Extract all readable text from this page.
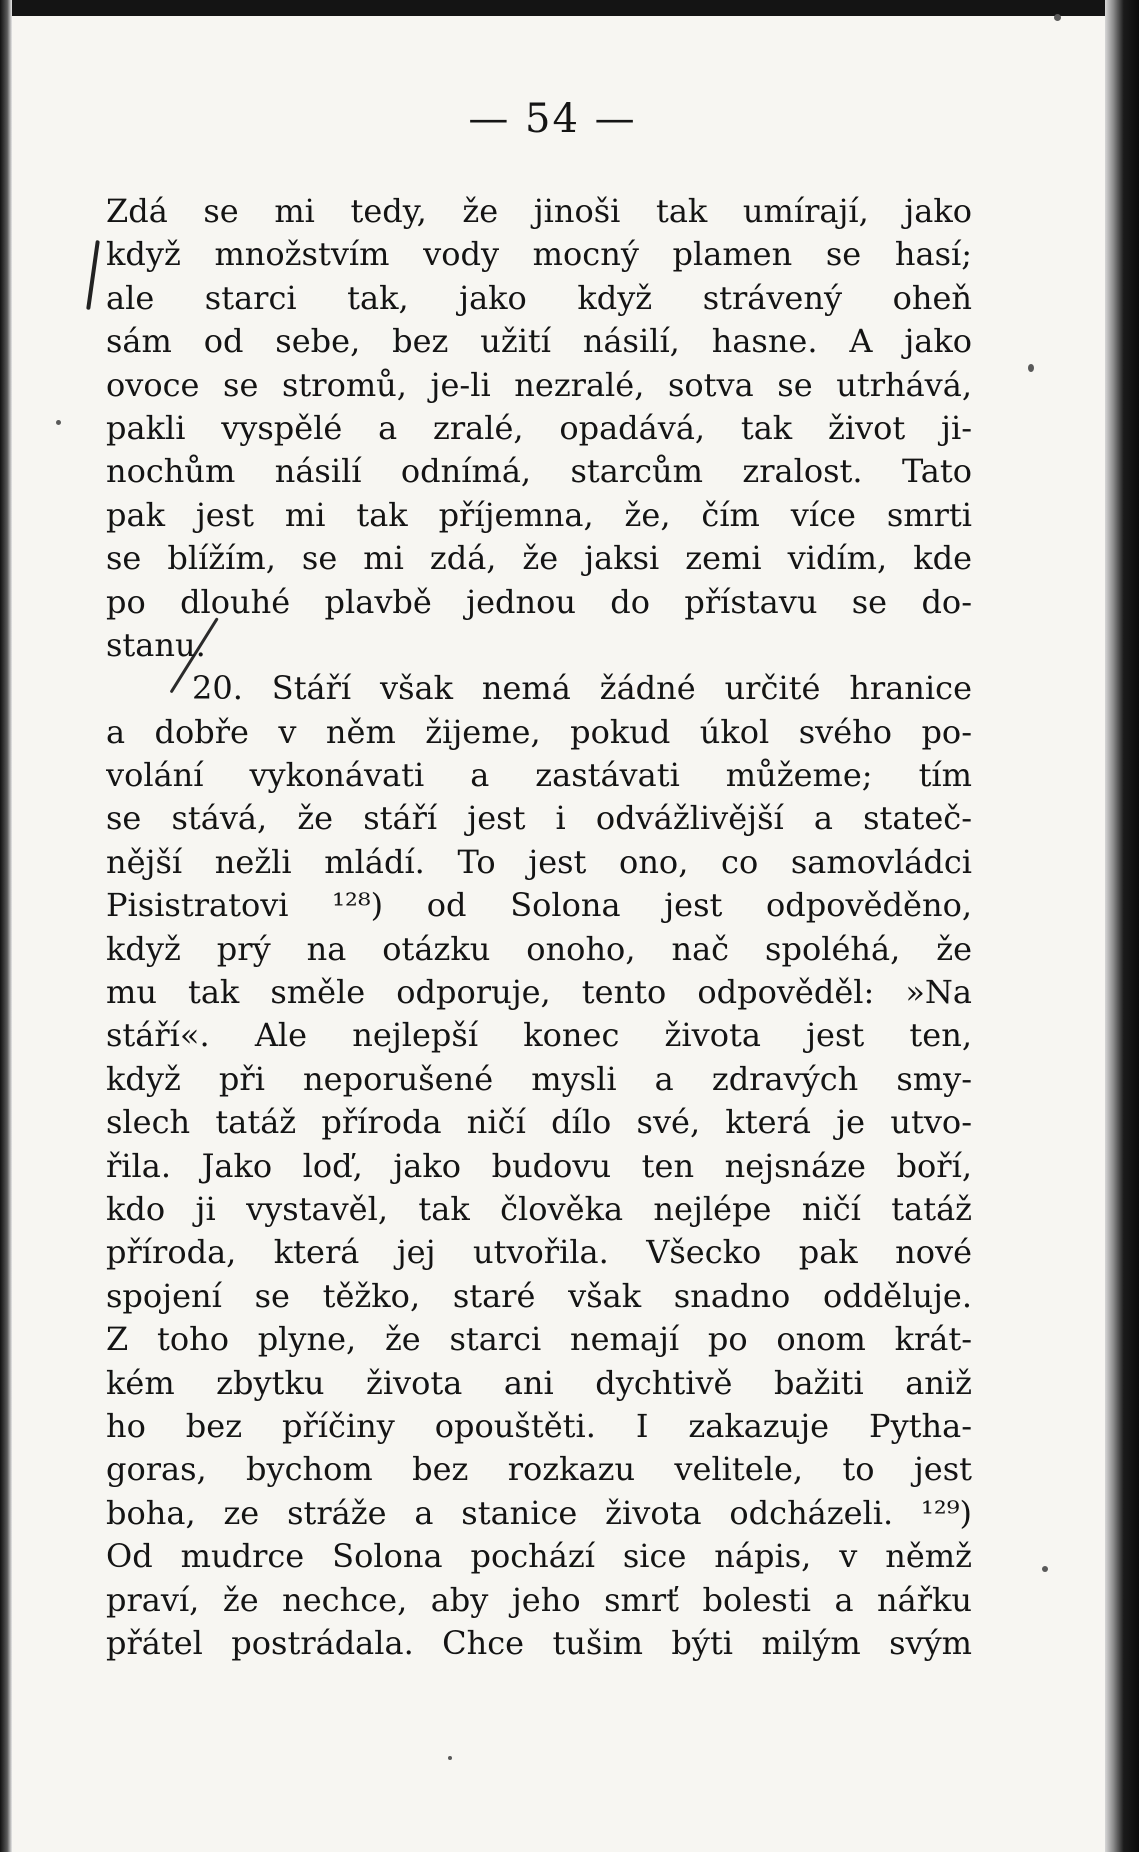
— 54 —
Zdá se mi tedy, že jinoši tak umírají, jako
když množstvím vody mocný plamen se hasí;
ale starci tak, jako když strávený oheň
sám od sebe, bez užití násilí, hasne. A jako
ovoce se stromů, je-li nezralé, sotva se utrhává,
pakli vyspělé a zralé, opadává, tak život ji-
nochům násilí odnímá, starcům zralost. Tato
pak jest mi tak příjemna, že, čím více smrti
se blížím, se mi zdá, že jaksi zemi vidím, kde
po dlouhé plavbě jednou do přístavu se do-
stanu.
20. Stáří však nemá žádné určité hranice
a dobře v něm žijeme, pokud úkol svého po-
volání vykonávati a zastávati můžeme; tím
se stává, že stáří jest i odvážlivější a stateč-
nější nežli mládí. To jest ono, co samovládci
Pisistratovi ¹²⁸) od Solona jest odpověděno,
když prý na otázku onoho, nač spoléhá, že
mu tak směle odporuje, tento odpověděl: »Na
stáří«. Ale nejlepší konec života jest ten,
když při neporušené mysli a zdravých smy-
slech tatáž příroda ničí dílo své, která je utvo-
řila. Jako loď, jako budovu ten nejsnáze boří,
kdo ji vystavěl, tak člověka nejlépe ničí tatáž
příroda, která jej utvořila. Všecko pak nové
spojení se těžko, staré však snadno odděluje.
Z toho plyne, že starci nemají po onom krát-
kém zbytku života ani dychtivě bažiti aniž
ho bez příčiny opouštěti. I zakazuje Pytha-
goras, bychom bez rozkazu velitele, to jest
boha, ze stráže a stanice života odcházeli. ¹²⁹)
Od mudrce Solona pochází sice nápis, v němž
praví, že nechce, aby jeho smrť bolesti a nářku
přátel postrádala. Chce tušim býti milým svým
